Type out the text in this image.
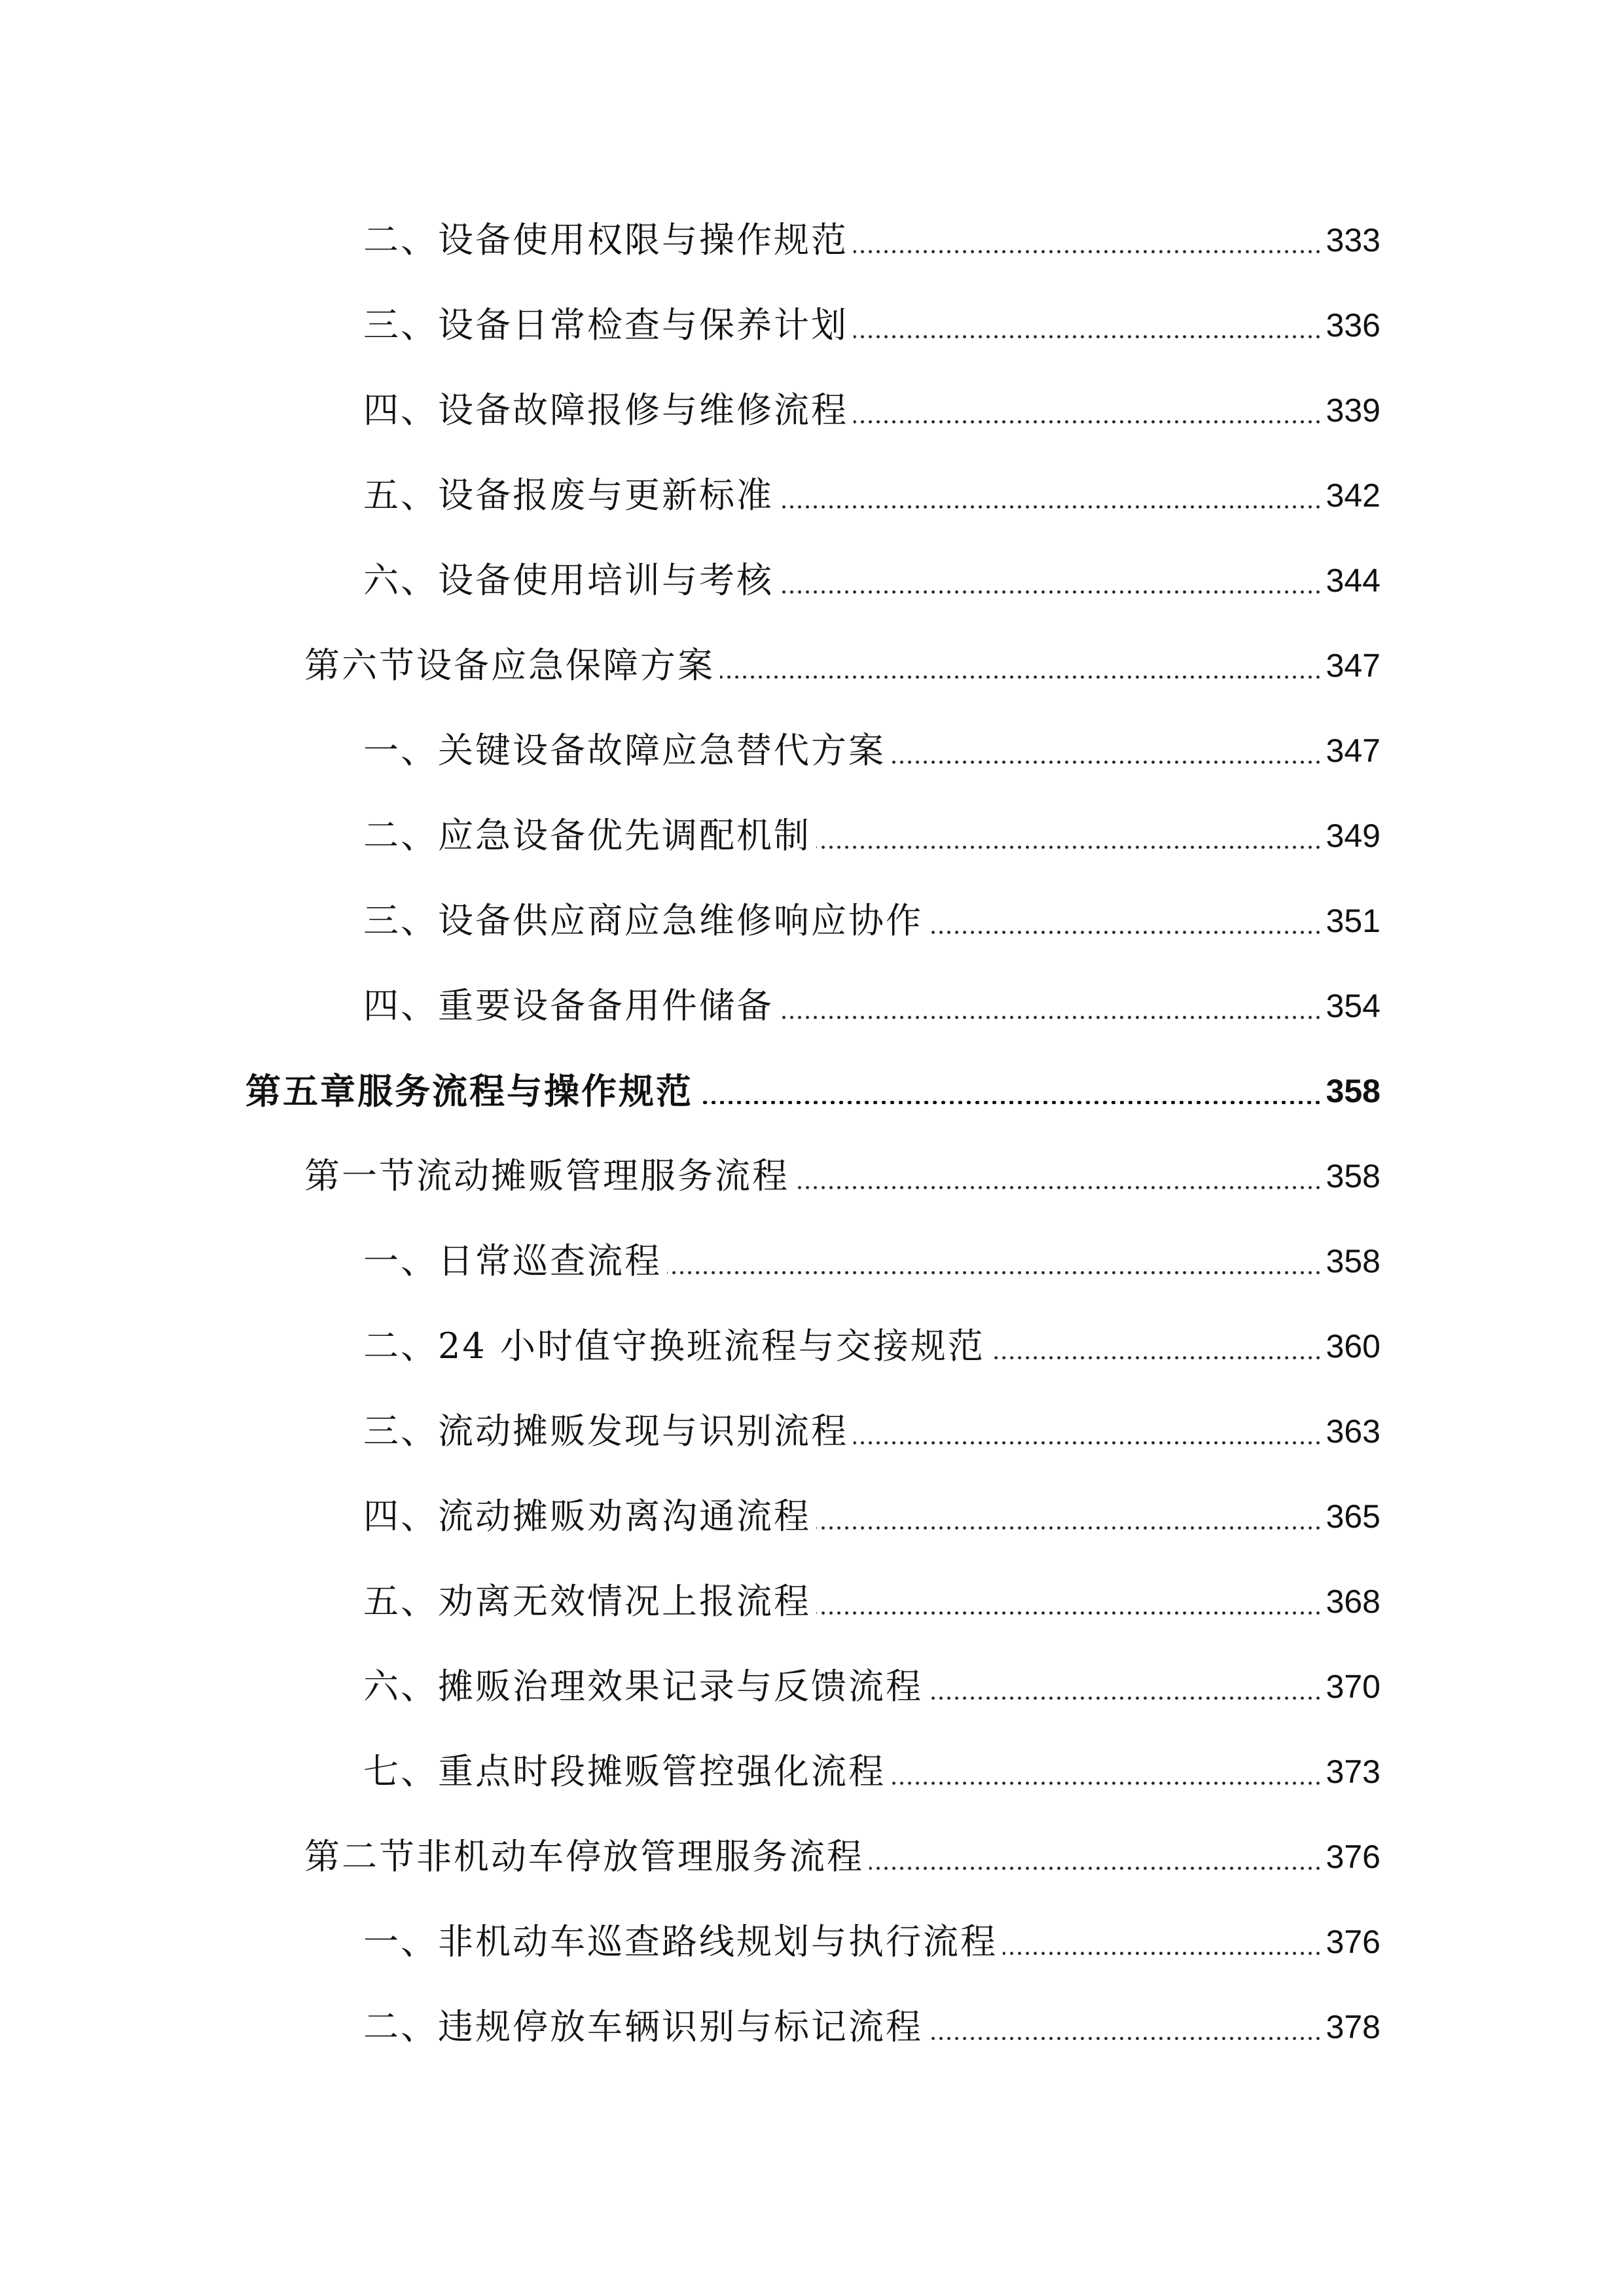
二、设备使用权限与操作规范	333
三、设备日常检查与保养计划	336
四、设备故障报修与维修流程	339
五、设备报废与更新标准	342
六、设备使用培训与考核	344
第六节设备应急保障方案	347
一、关键设备故障应急替代方案	347
二、应急设备优先调配机制	349
三、设备供应商应急维修响应协作	351
四、重要设备备用件储备	354
第五章服务流程与操作规范	358
第一节流动摊贩管理服务流程	358
一、日常巡查流程	358
二、24 小时值守换班流程与交接规范	360
三、流动摊贩发现与识别流程	363
四、流动摊贩劝离沟通流程	365
五、劝离无效情况上报流程	368
六、摊贩治理效果记录与反馈流程	370
七、重点时段摊贩管控强化流程	373
第二节非机动车停放管理服务流程	376
一、非机动车巡查路线规划与执行流程	376
二、违规停放车辆识别与标记流程	378
